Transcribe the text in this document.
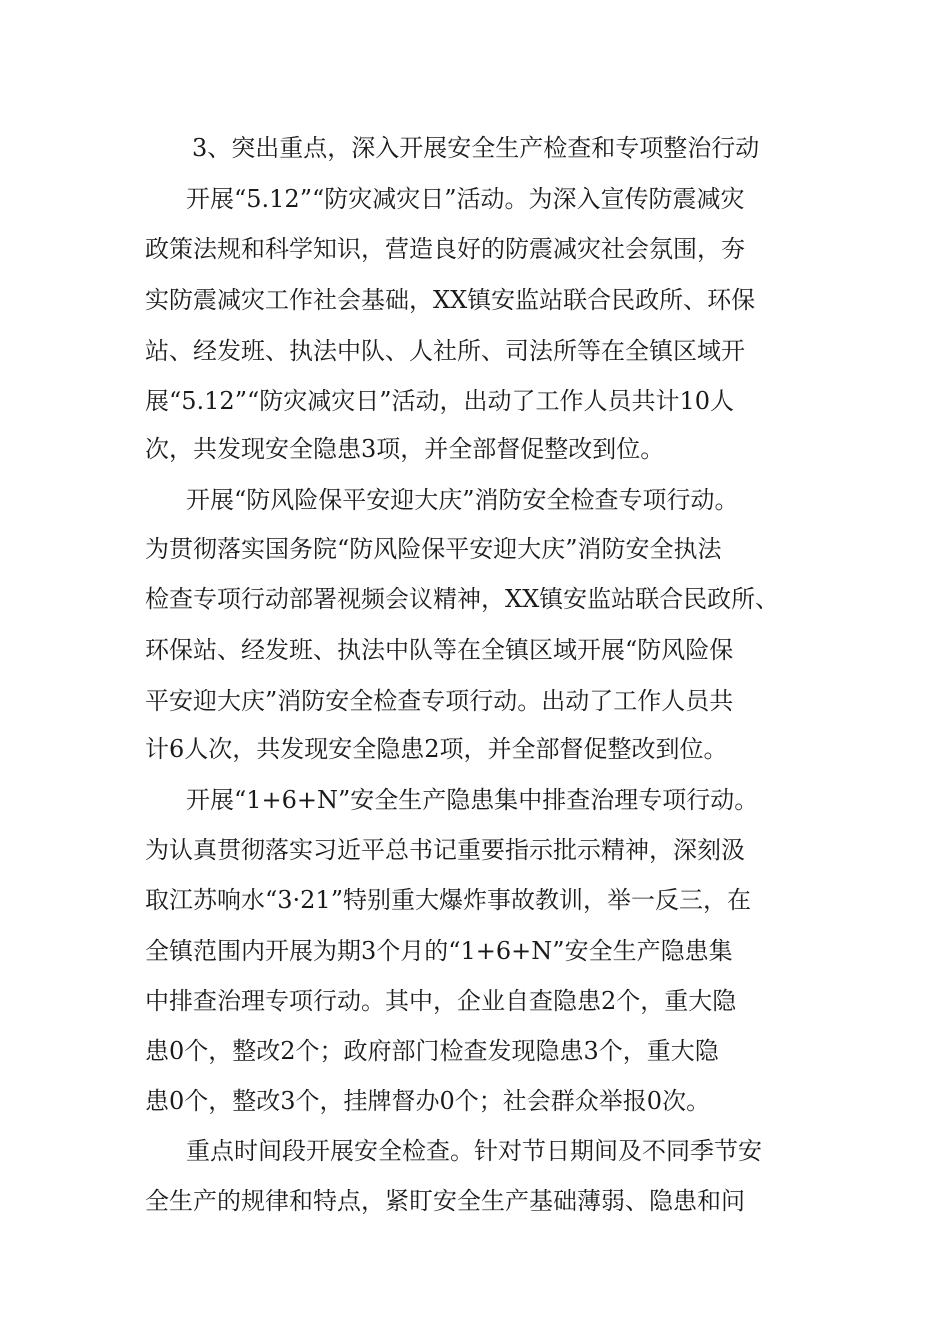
3、突出重点，深入开展安全生产检查和专项整治行动

开展“5.12”“防灾减灾日”活动。为深入宣传防震减灾

政策法规和科学知识，营造良好的防震减灾社会氛围，夯

实防震减灾工作社会基础，XX镇安监站联合民政所、环保

站、经发班、执法中队、人社所、司法所等在全镇区域开

展“5.12”“防灾减灾日”活动，出动了工作人员共计10人

次，共发现安全隐患3项，并全部督促整改到位。

开展“防风险保平安迎大庆”消防安全检查专项行动。

为贯彻落实国务院“防风险保平安迎大庆”消防安全执法

检查专项行动部署视频会议精神，XX镇安监站联合民政所、

环保站、经发班、执法中队等在全镇区域开展“防风险保

平安迎大庆”消防安全检查专项行动。出动了工作人员共

计6人次，共发现安全隐患2项，并全部督促整改到位。

开展“1+6+N”安全生产隐患集中排查治理专项行动。

为认真贯彻落实习近平总书记重要指示批示精神，深刻汲

取江苏响水“3·21”特别重大爆炸事故教训，举一反三，在

全镇范围内开展为期3个月的“1+6+N”安全生产隐患集

中排查治理专项行动。其中，企业自查隐患2个，重大隐

患0个，整改2个；政府部门检查发现隐患3个，重大隐

患0个，整改3个，挂牌督办0个；社会群众举报0次。

重点时间段开展安全检查。针对节日期间及不同季节安

全生产的规律和特点，紧盯安全生产基础薄弱、隐患和问
